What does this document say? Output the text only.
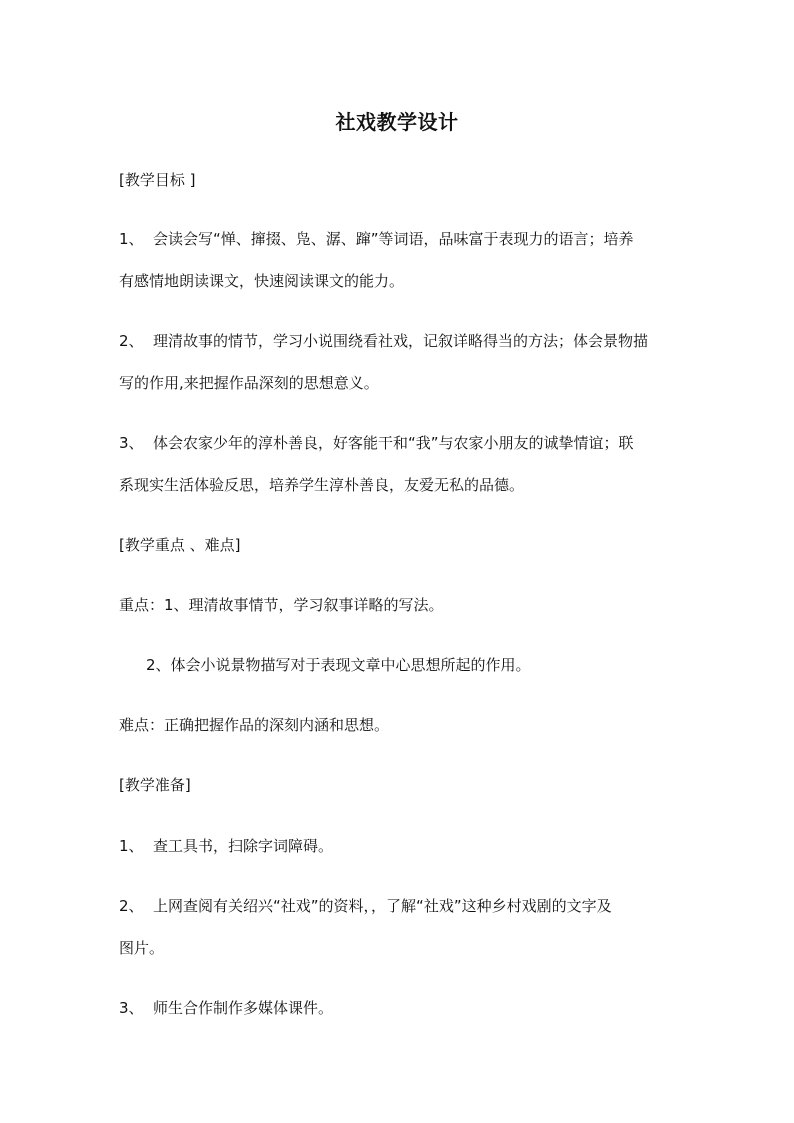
社戏教学设计
[教学目标 ]
1、 会读会写“惮、撺掇、凫、潺、蹿”等词语，品味富于表现力的语言；培养
有感情地朗读课文，快速阅读课文的能力。
2、 理清故事的情节，学习小说围绕看社戏，记叙详略得当的方法；体会景物描
写的作用,来把握作品深刻的思想意义。
3、 体会农家少年的淳朴善良，好客能干和“我”与农家小朋友的诚挚情谊；联
系现实生活体验反思，培养学生淳朴善良，友爱无私的品德。
[教学重点 、难点]
重点：1、理清故事情节，学习叙事详略的写法。
2、体会小说景物描写对于表现文章中心思想所起的作用。
难点：正确把握作品的深刻内涵和思想。
[教学准备]
1、 查工具书，扫除字词障碍。
2、 上网查阅有关绍兴“社戏”的资料，，了解“社戏”这种乡村戏剧的文字及
图片。
3、 师生合作制作多媒体课件。
